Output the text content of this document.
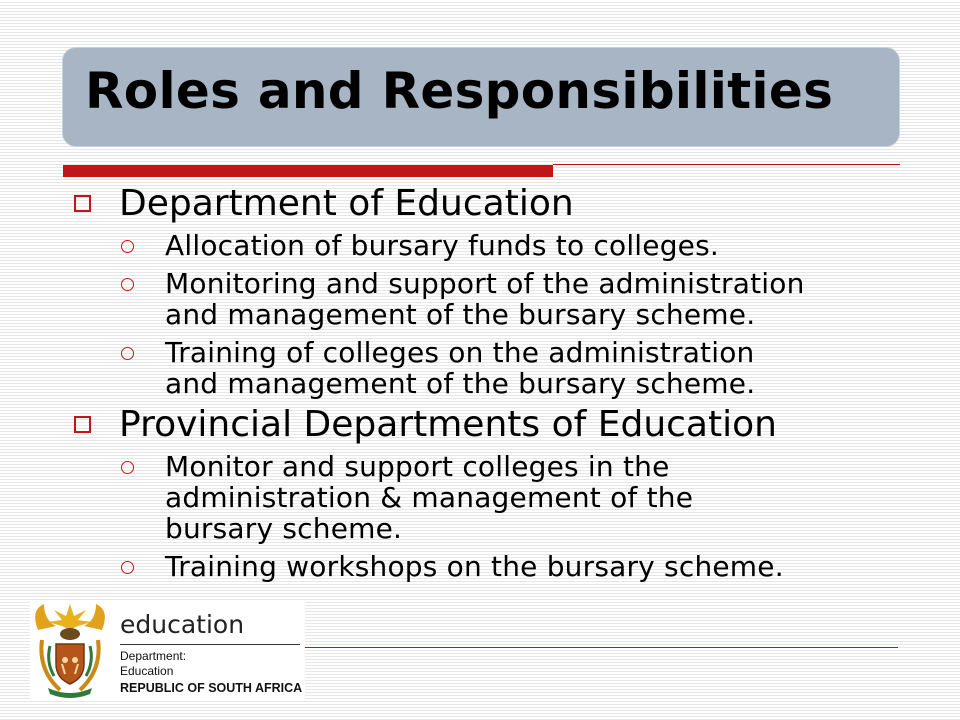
Roles and Responsibilities
Department of Education
Allocation of bursary funds to colleges.
Monitoring and support of the administration
and management of the bursary scheme.
Training of colleges on the administration
and management of the bursary scheme.
Provincial Departments of Education
Monitor and support colleges in the
administration & management of the
bursary scheme.
Training workshops on the bursary scheme.
education
Department:
Education
REPUBLIC OF SOUTH AFRICA
